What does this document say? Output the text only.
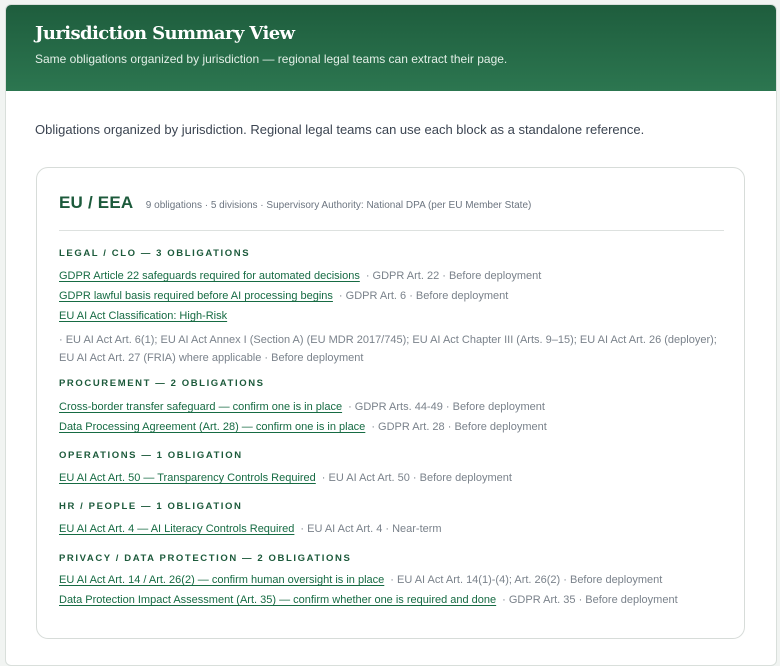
Jurisdiction Summary View
Same obligations organized by jurisdiction — regional legal teams can extract their page.
Obligations organized by jurisdiction. Regional legal teams can use each block as a standalone reference.
EU / EEA 9 obligations · 5 divisions · Supervisory Authority: National DPA (per EU Member State)
LEGAL / CLO — 3 OBLIGATIONS
GDPR Article 22 safeguards required for automated decisions · GDPR Art. 22 · Before deployment
GDPR lawful basis required before AI processing begins · GDPR Art. 6 · Before deployment
EU AI Act Classification: High-Risk
· EU AI Act Art. 6(1); EU AI Act Annex I (Section A) (EU MDR 2017/745); EU AI Act Chapter III (Arts. 9–15); EU AI Act Art. 26 (deployer); EU AI Act Art. 27 (FRIA) where applicable · Before deployment
PROCUREMENT — 2 OBLIGATIONS
Cross-border transfer safeguard — confirm one is in place · GDPR Arts. 44-49 · Before deployment
Data Processing Agreement (Art. 28) — confirm one is in place · GDPR Art. 28 · Before deployment
OPERATIONS — 1 OBLIGATION
EU AI Act Art. 50 — Transparency Controls Required · EU AI Act Art. 50 · Before deployment
HR / PEOPLE — 1 OBLIGATION
EU AI Act Art. 4 — AI Literacy Controls Required · EU AI Act Art. 4 · Near-term
PRIVACY / DATA PROTECTION — 2 OBLIGATIONS
EU AI Act Art. 14 / Art. 26(2) — confirm human oversight is in place · EU AI Act Art. 14(1)-(4); Art. 26(2) · Before deployment
Data Protection Impact Assessment (Art. 35) — confirm whether one is required and done · GDPR Art. 35 · Before deployment
